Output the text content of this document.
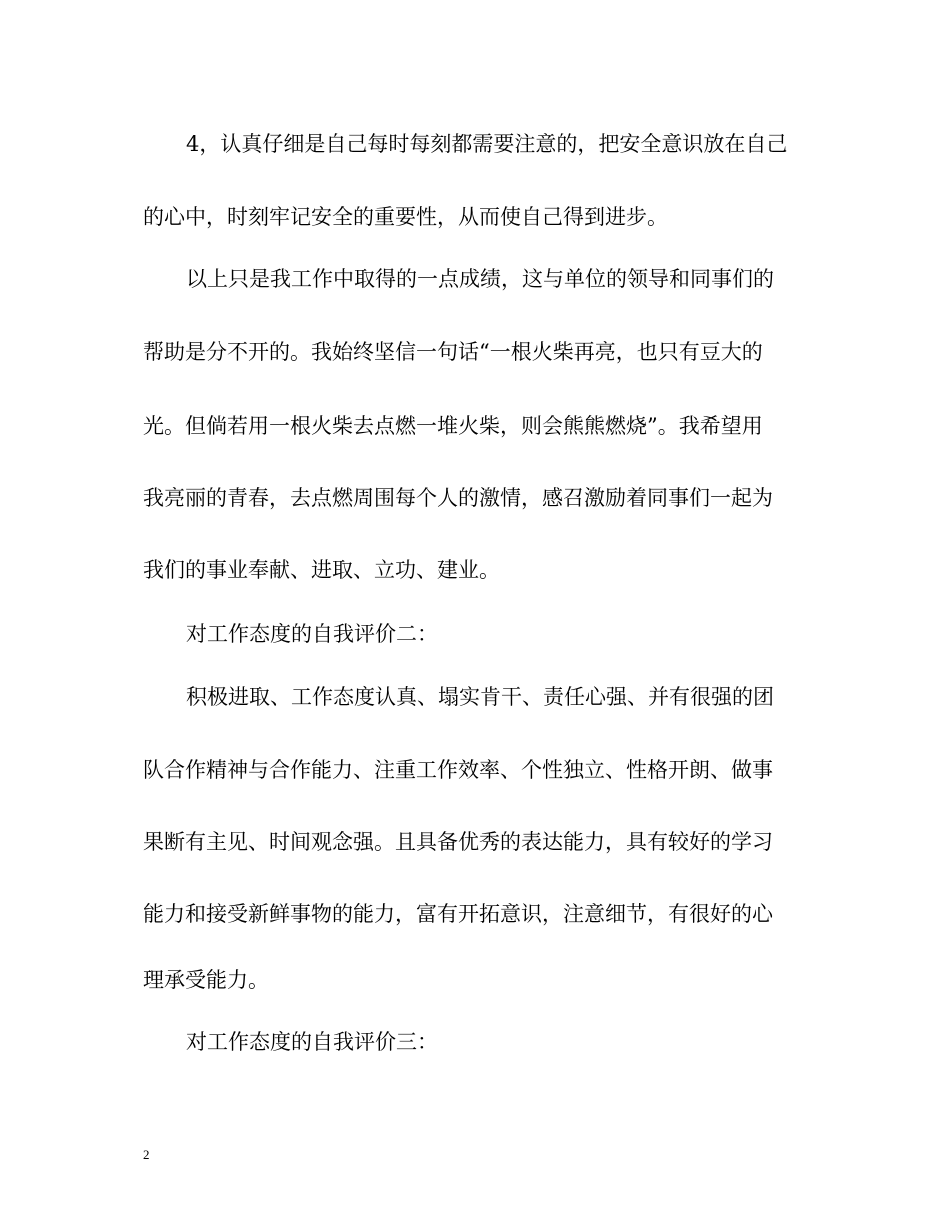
4，认真仔细是自己每时每刻都需要注意的，把安全意识放在自己
的心中，时刻牢记安全的重要性，从而使自己得到进步。
以上只是我工作中取得的一点成绩，这与单位的领导和同事们的
帮助是分不开的。我始终坚信一句话“一根火柴再亮，也只有豆大的
光。但倘若用一根火柴去点燃一堆火柴，则会熊熊燃烧”。我希望用
我亮丽的青春，去点燃周围每个人的激情，感召激励着同事们一起为
我们的事业奉献、进取、立功、建业。
对工作态度的自我评价二：
积极进取、工作态度认真、塌实肯干、责任心强、并有很强的团
队合作精神与合作能力、注重工作效率、个性独立、性格开朗、做事
果断有主见、时间观念强。且具备优秀的表达能力，具有较好的学习
能力和接受新鲜事物的能力，富有开拓意识，注意细节，有很好的心
理承受能力。
对工作态度的自我评价三：
2
